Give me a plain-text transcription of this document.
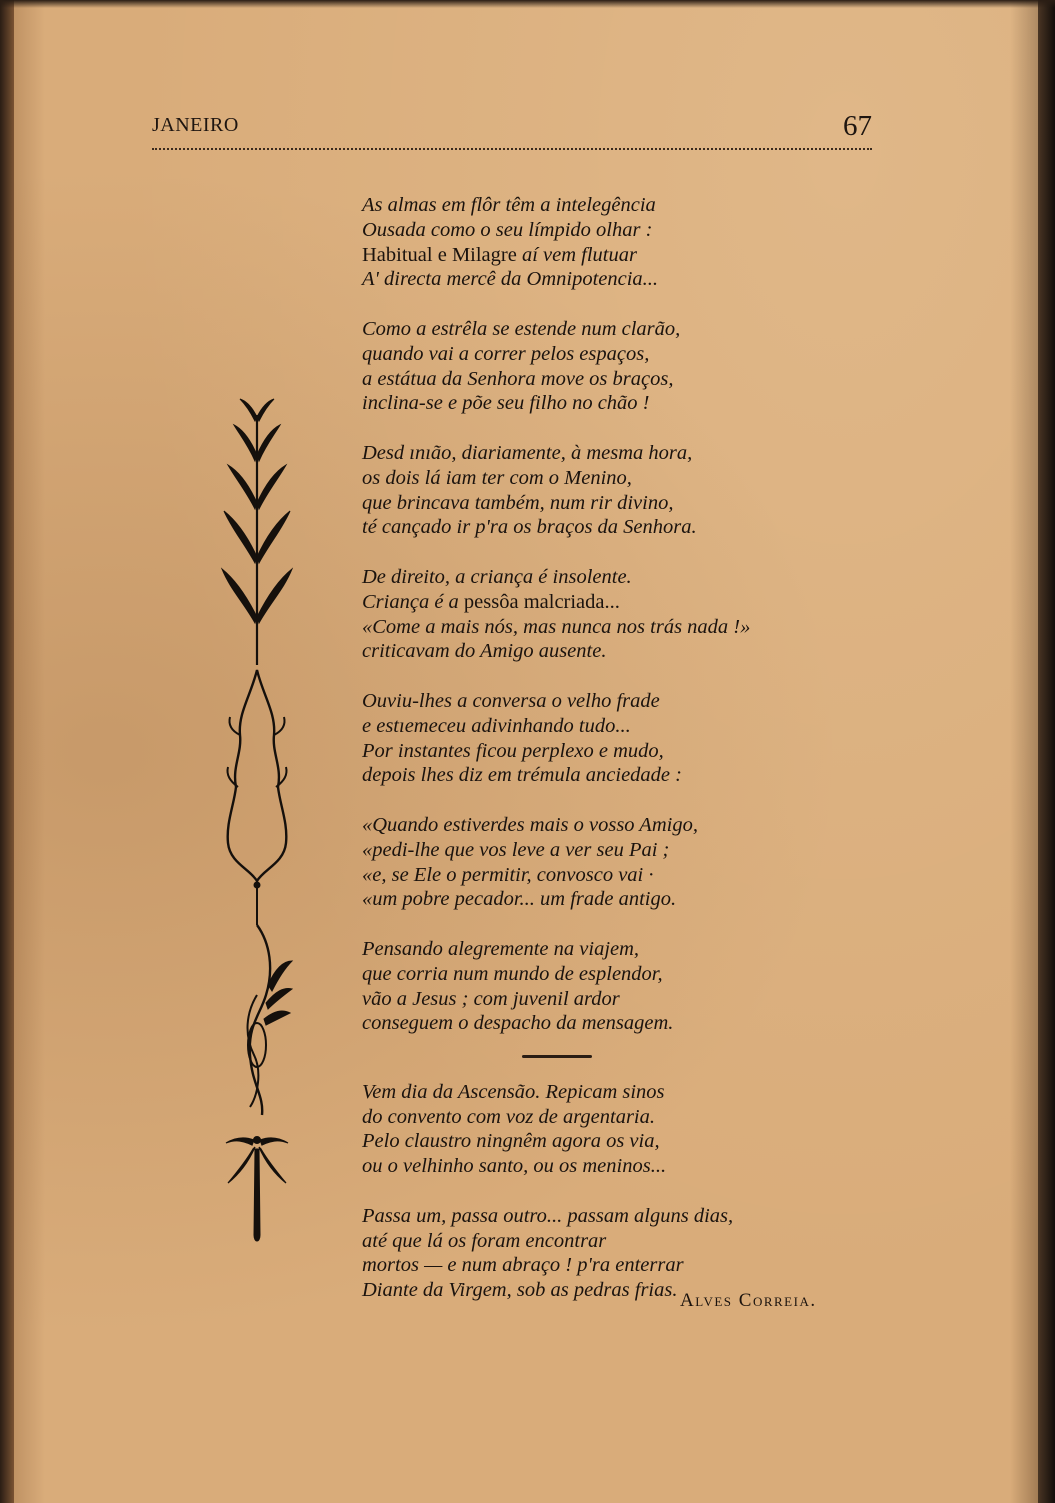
JANEIRO	67
As almas em flôr têm a intelegência
Ousada como o seu límpido olhar :
Habitual e Milagre aí vem flutuar
A' directa mercê da Omnipotencia...
Como a estrêla se estende num clarão,
quando vai a correr pelos espaços,
a estátua da Senhora move os braços,
inclina-se e põe seu filho no chão !
Desd ınıão, diariamente, à mesma hora,
os dois lá iam ter com o Menino,
que brincava também, num rir divino,
té cançado ir p'ra os braços da Senhora.
De direito, a criança é insolente.
Criança é a pessôa malcriada...
«Come a mais nós, mas nunca nos trás nada !»
criticavam do Amigo ausente.
Ouviu-lhes a conversa o velho frade
e estıemeceu adivinhando tudo...
Por instantes ficou perplexo e mudo,
depois lhes diz em trémula anciedade :
«Quando estiverdes mais o vosso Amigo,
«pedi-lhe que vos leve a ver seu Pai ;
«e, se Ele o permitir, convosco vai ·
«um pobre pecador... um frade antigo.
Pensando alegremente na viajem,
que corria num mundo de esplendor,
vão a Jesus ; com juvenil ardor
conseguem o despacho da mensagem.
Vem dia da Ascensão. Repicam sinos
do convento com voz de argentaria.
Pelo claustro ningnêm agora os via,
ou o velhinho santo, ou os meninos...
Passa um, passa outro... passam alguns dias,
até que lá os foram encontrar
mortos — e num abraço ! p'ra enterrar
Diante da Virgem, sob as pedras frias. Alves Correia.
